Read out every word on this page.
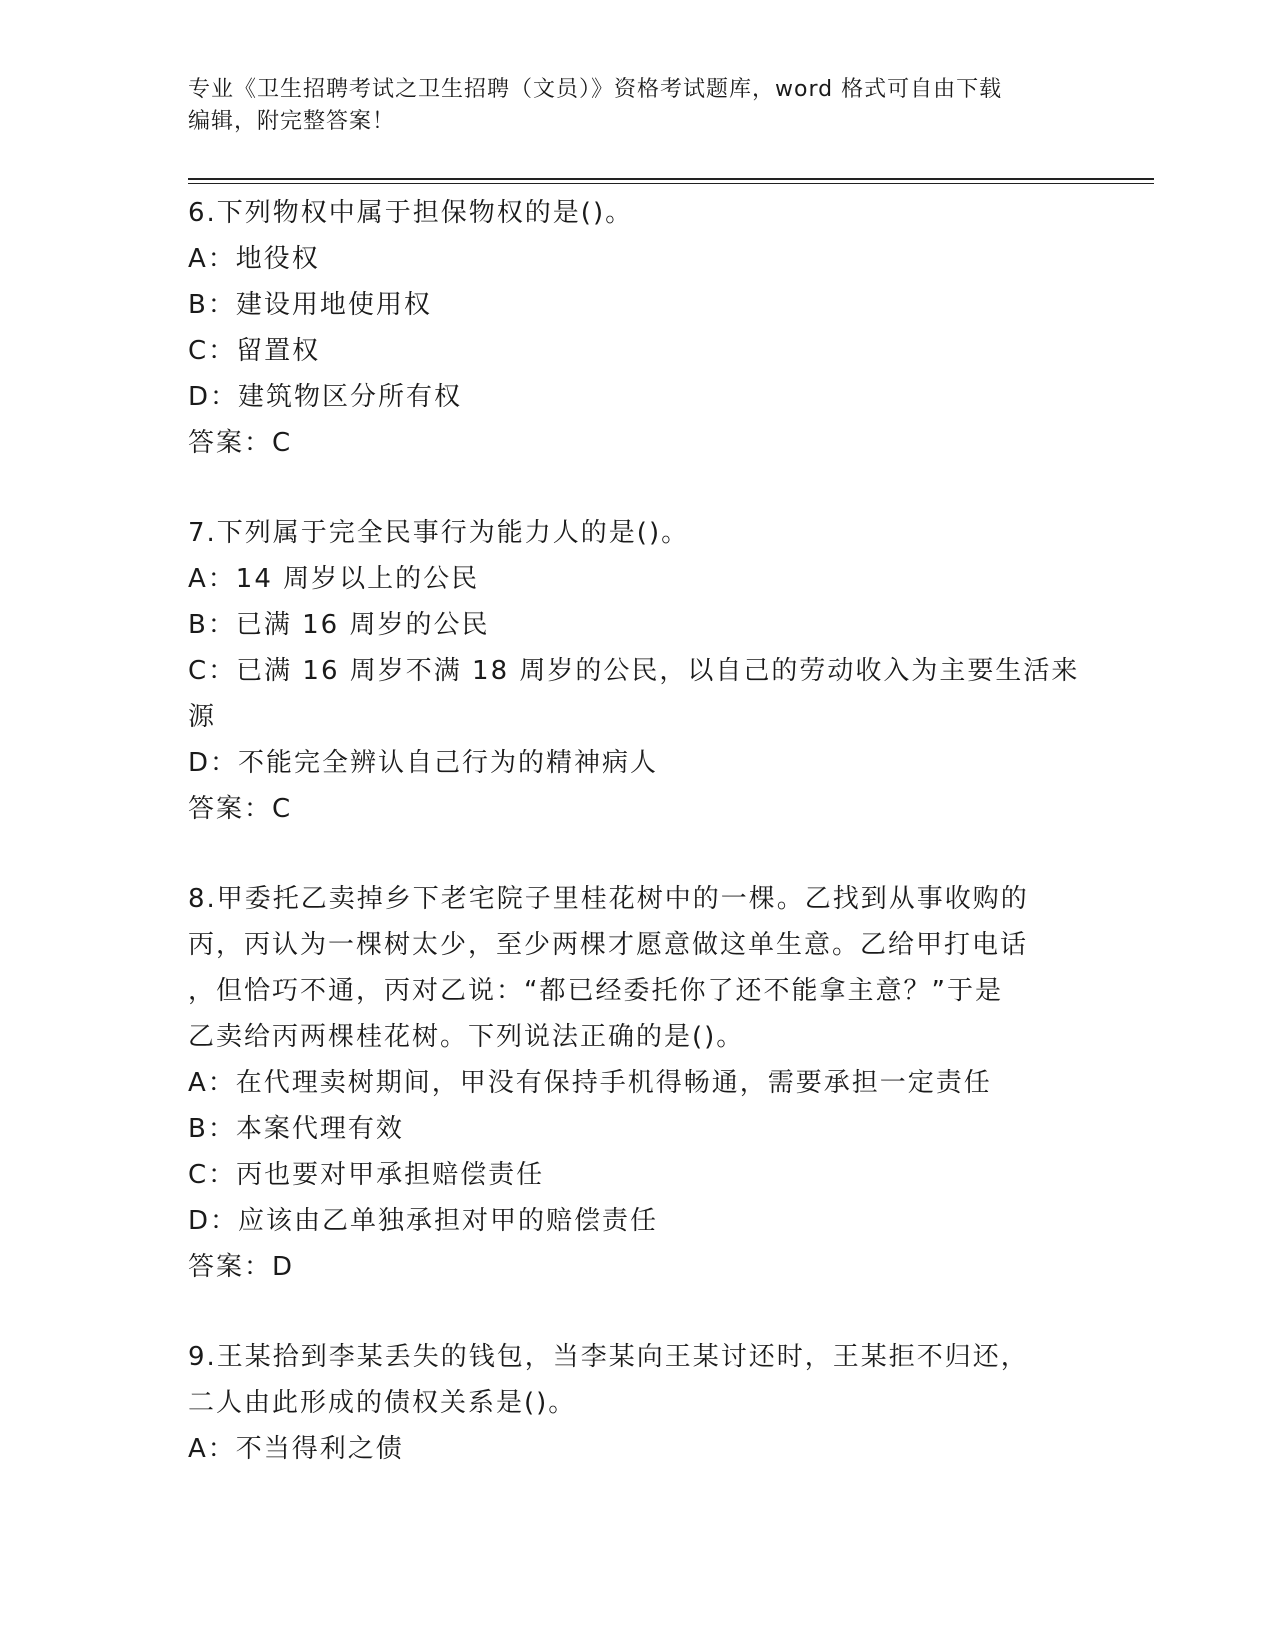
专业《卫生招聘考试之卫生招聘（文员）》资格考试题库，word 格式可自由下载
编辑，附完整答案！
6.下列物权中属于担保物权的是()。
A：地役权
B：建设用地使用权
C：留置权
D：建筑物区分所有权
答案：C
7.下列属于完全民事行为能力人的是()。
A：14 周岁以上的公民
B：已满 16 周岁的公民
C：已满 16 周岁不满 18 周岁的公民，以自己的劳动收入为主要生活来
源
D：不能完全辨认自己行为的精神病人
答案：C
8.甲委托乙卖掉乡下老宅院子里桂花树中的一棵。乙找到从事收购的
丙，丙认为一棵树太少，至少两棵才愿意做这单生意。乙给甲打电话
，但恰巧不通，丙对乙说：“都已经委托你了还不能拿主意？”于是
乙卖给丙两棵桂花树。下列说法正确的是()。
A：在代理卖树期间，甲没有保持手机得畅通，需要承担一定责任
B：本案代理有效
C：丙也要对甲承担赔偿责任
D：应该由乙单独承担对甲的赔偿责任
答案：D
9.王某拾到李某丢失的钱包，当李某向王某讨还时，王某拒不归还，
二人由此形成的债权关系是()。
A：不当得利之债
